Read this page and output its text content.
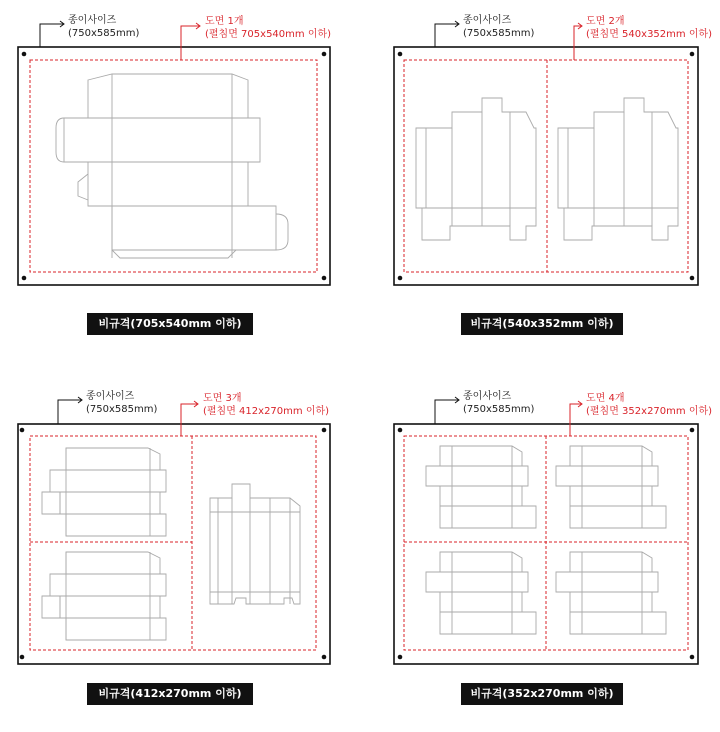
종이사이즈
(750x585mm)
도면 1개
(펼침면 705x540mm 이하)
비규격(705x540mm 이하)
종이사이즈
(750x585mm)
도면 2개
(펼침면 540x352mm 이하)
비규격(540x352mm 이하)
종이사이즈
(750x585mm)
도면 3개
(펼침면 412x270mm 이하)
비규격(412x270mm 이하)
종이사이즈
(750x585mm)
도면 4개
(펼침면 352x270mm 이하)
비규격(352x270mm 이하)
